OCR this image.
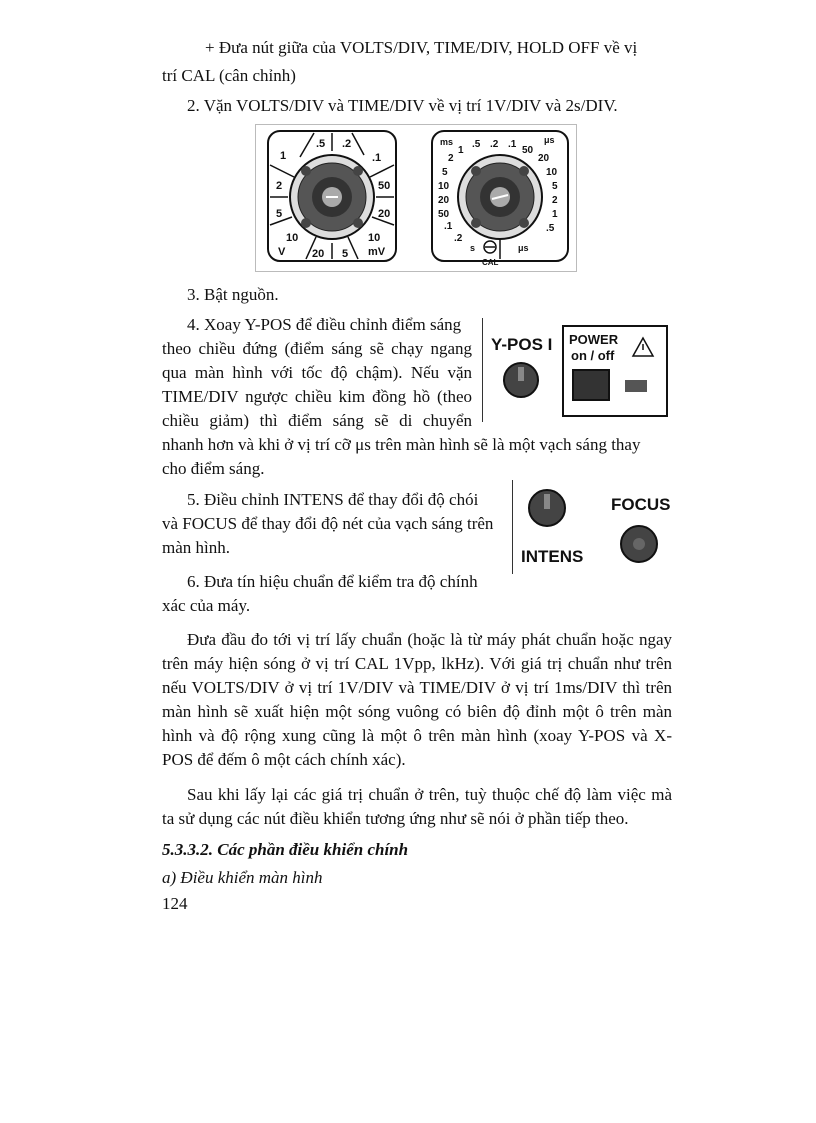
+ Đưa nút giữa của VOLTS/DIV, TIME/DIV, HOLD OFF về vị
trí CAL (cân chỉnh)
2. Vặn VOLTS/DIV và TIME/DIV về vị trí 1V/DIV và 2s/DIV.
.5 .2
1	.1
2	50
5	20
10	10
V 20 5 mV
ms
1
.5 .2 .1
50
μs
2	20
5	10
10	5
20	2
50	1
.1	.5
.2
s	μs
CAL
3. Bật nguồn.
4. Xoay Y-POS để điều chỉnh điểm sáng
theo chiều đứng (điểm sáng sẽ chạy ngang
qua màn hình với tốc độ chậm). Nếu vặn
TIME/DIV ngược chiều kim đồng hồ (theo
chiều giảm) thì điểm sáng sẽ di chuyển
Y-POS I POWER
on / off
nhanh hơn và khi ở vị trí cỡ μs trên màn hình sẽ là một vạch sáng thay
cho điểm sáng.
5. Điều chỉnh INTENS để thay đổi độ chói
và FOCUS để thay đổi độ nét của vạch sáng trên
màn hình.	INTENS
FOCUS
6. Đưa tín hiệu chuẩn để kiểm tra độ chính
xác của máy.
Đưa đầu đo tới vị trí lấy chuẩn (hoặc là từ máy phát chuẩn hoặc ngay
trên máy hiện sóng ở vị trí CAL 1Vpp, lkHz). Với giá trị chuẩn như trên
nếu VOLTS/DIV ở vị trí 1V/DIV và TIME/DIV ở vị trí 1ms/DIV thì trên
màn hình sẽ xuất hiện một sóng vuông có biên độ đỉnh một ô trên màn
hình và độ rộng xung cũng là một ô trên màn hình (xoay Y-POS và X-
POS để đếm ô một cách chính xác).
Sau khi lấy lại các giá trị chuẩn ở trên, tuỳ thuộc chế độ làm việc mà
ta sử dụng các nút điều khiển tương ứng như sẽ nói ở phần tiếp theo.
5.3.3.2. Các phần điều khiển chính
a) Điều khiển màn hình
124
